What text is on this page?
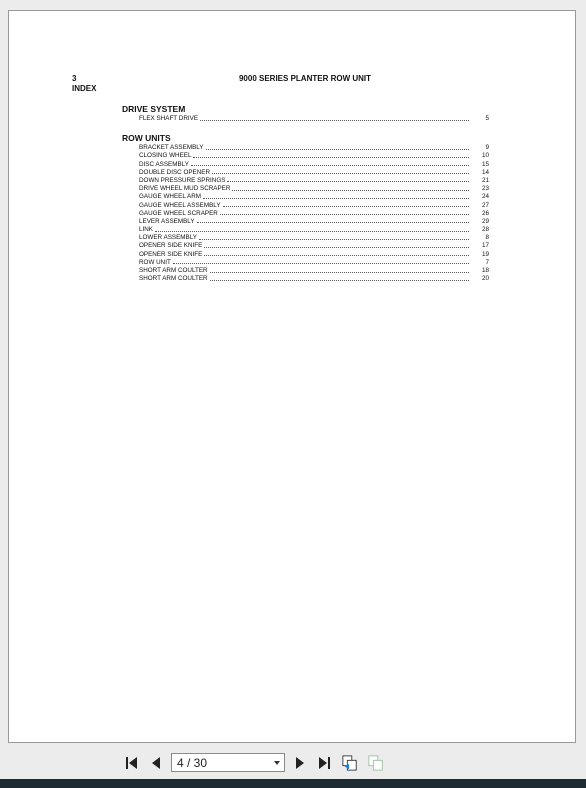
3
INDEX
9000 SERIES PLANTER ROW UNIT
DRIVE SYSTEM
FLEX SHAFT DRIVE	5
ROW UNITS
BRACKET ASSEMBLY	9
CLOSING WHEEL	10
DISC ASSEMBLY	15
DOUBLE DISC OPENER	14
DOWN PRESSURE SPRINGS	21
DRIVE WHEEL MUD SCRAPER	23
GAUGE WHEEL ARM	24
GAUGE WHEEL ASSEMBLY	27
GAUGE WHEEL SCRAPER	26
LEVER ASSEMBLY	29
LINK	28
LOWER ASSEMBLY	8
OPENER SIDE KNIFE	17
OPENER SIDE KNIFE	19
ROW UNIT	7
SHORT ARM COULTER	18
SHORT ARM COULTER	20
4 / 30
